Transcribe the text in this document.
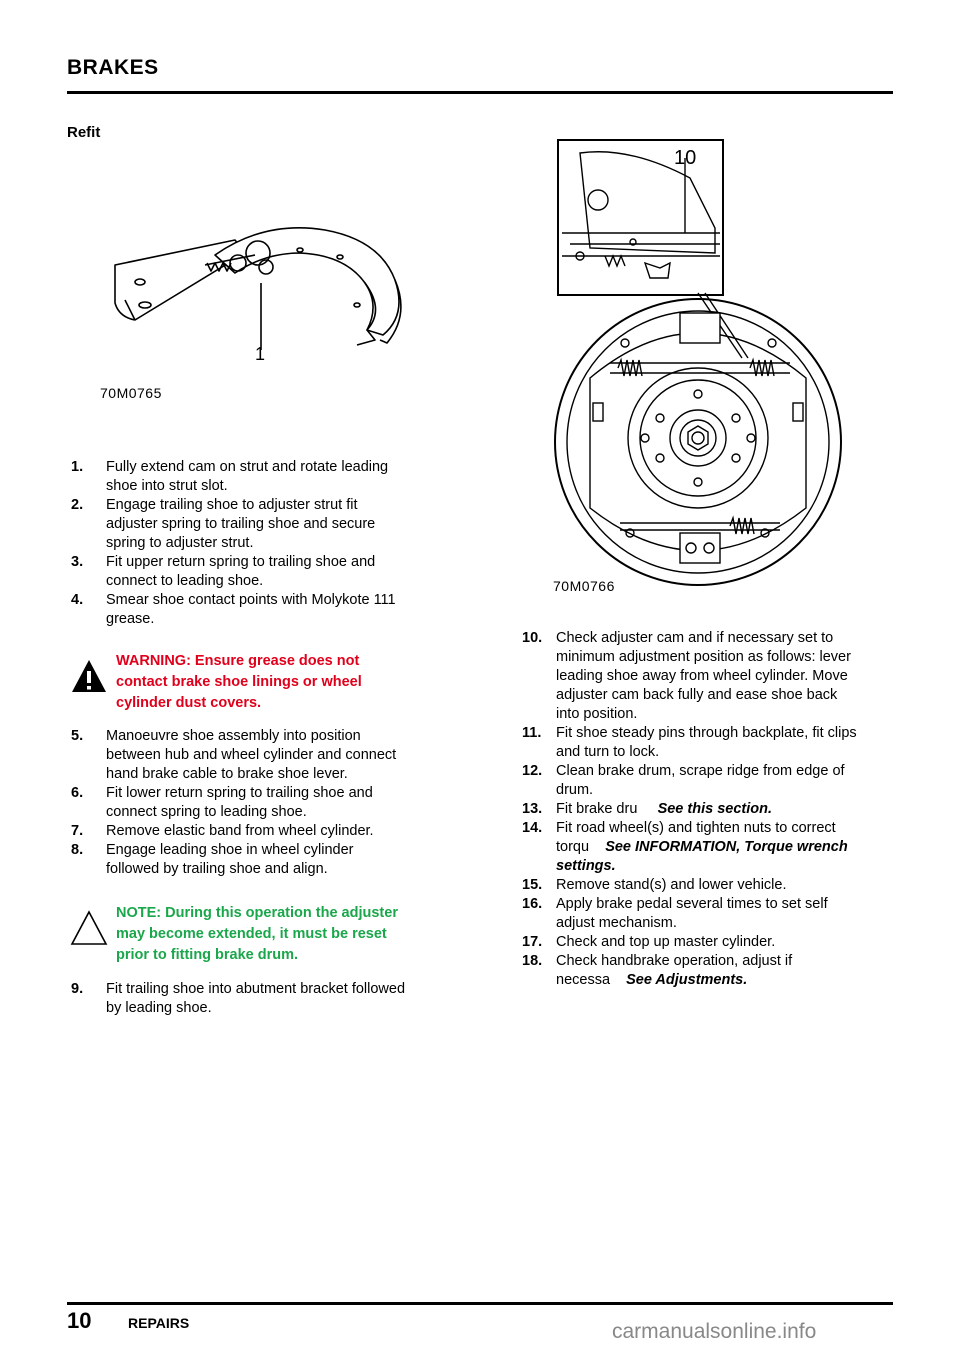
BRAKES
Refit
1
70M0765
1. Fully extend cam on strut and rotate leading
shoe into strut slot.
2. Engage trailing shoe to adjuster strut fit
adjuster spring to trailing shoe and secure
spring to adjuster strut.
3. Fit upper return spring to trailing shoe and
connect to leading shoe.
4. Smear shoe contact points with Molykote 111
grease.
WARNING: Ensure grease does not
contact brake shoe linings or wheel
cylinder dust covers.
5. Manoeuvre shoe assembly into position
between hub and wheel cylinder and connect
hand brake cable to brake shoe lever.
6. Fit lower return spring to trailing shoe and
connect spring to leading shoe.
7. Remove elastic band from wheel cylinder.
8. Engage leading shoe in wheel cylinder
followed by trailing shoe and align.
NOTE: During this operation the adjuster
may become extended, it must be reset
prior to fitting brake drum.
9. Fit trailing shoe into abutment bracket followed
by leading shoe.
10
70M0766
10. Check adjuster cam and if necessary set to
minimum adjustment position as follows: lever
leading shoe away from wheel cylinder. Move
adjuster cam back fully and ease shoe back
into position.
11. Fit shoe steady pins through backplate, fit clips
and turn to lock.
12. Clean brake drum, scrape ridge from edge of
drum.
13. Fit brake dru See this section.
14. Fit road wheel(s) and tighten nuts to correct
torqu See INFORMATION, Torque wrench
settings.
15. Remove stand(s) and lower vehicle.
16. Apply brake pedal several times to set self
adjust mechanism.
17. Check and top up master cylinder.
18. Check handbrake operation, adjust if
necessa See Adjustments.
10	REPAIRS	carmanualsonline.info
